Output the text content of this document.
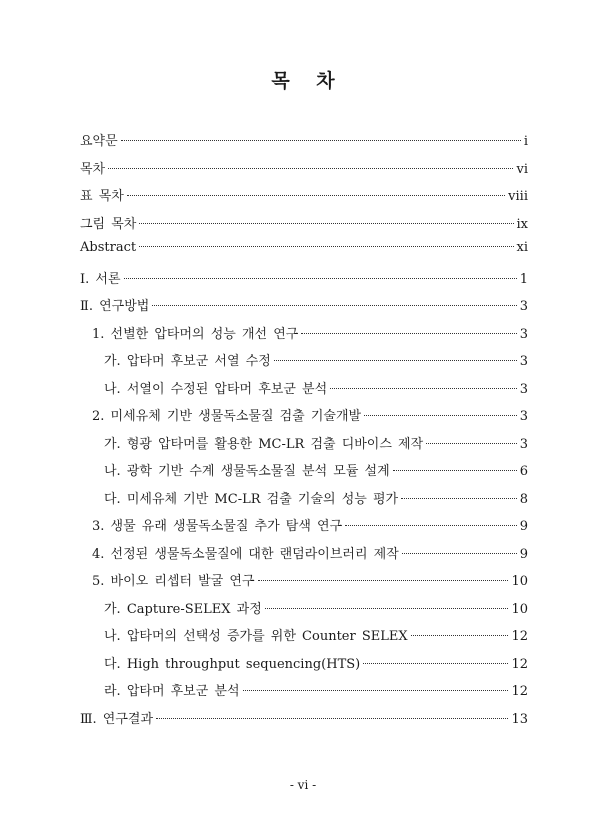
목 차
요약문	i
목차	vi
표 목차	viii
그림 목차	ix
Abstract	xi
I. 서론	1
Ⅱ. 연구방법	3
1. 선별한 압타머의 성능 개선 연구	3
가. 압타머 후보군 서열 수정	3
나. 서열이 수정된 압타머 후보군 분석	3
2. 미세유체 기반 생물독소물질 검출 기술개발	3
가. 형광 압타머를 활용한 MC-LR 검출 디바이스 제작	3
나. 광학 기반 수계 생물독소물질 분석 모듈 설계	6
다. 미세유체 기반 MC-LR 검출 기술의 성능 평가	8
3. 생물 유래 생물독소물질 추가 탐색 연구	9
4. 선정된 생물독소물질에 대한 랜덤라이브러리 제작	9
5. 바이오 리셉터 발굴 연구	10
가. Capture-SELEX 과정	10
나. 압타머의 선택성 증가를 위한 Counter SELEX	12
다. High throughput sequencing(HTS)	12
라. 압타머 후보군 분석	12
Ⅲ. 연구결과	13
- vi -
